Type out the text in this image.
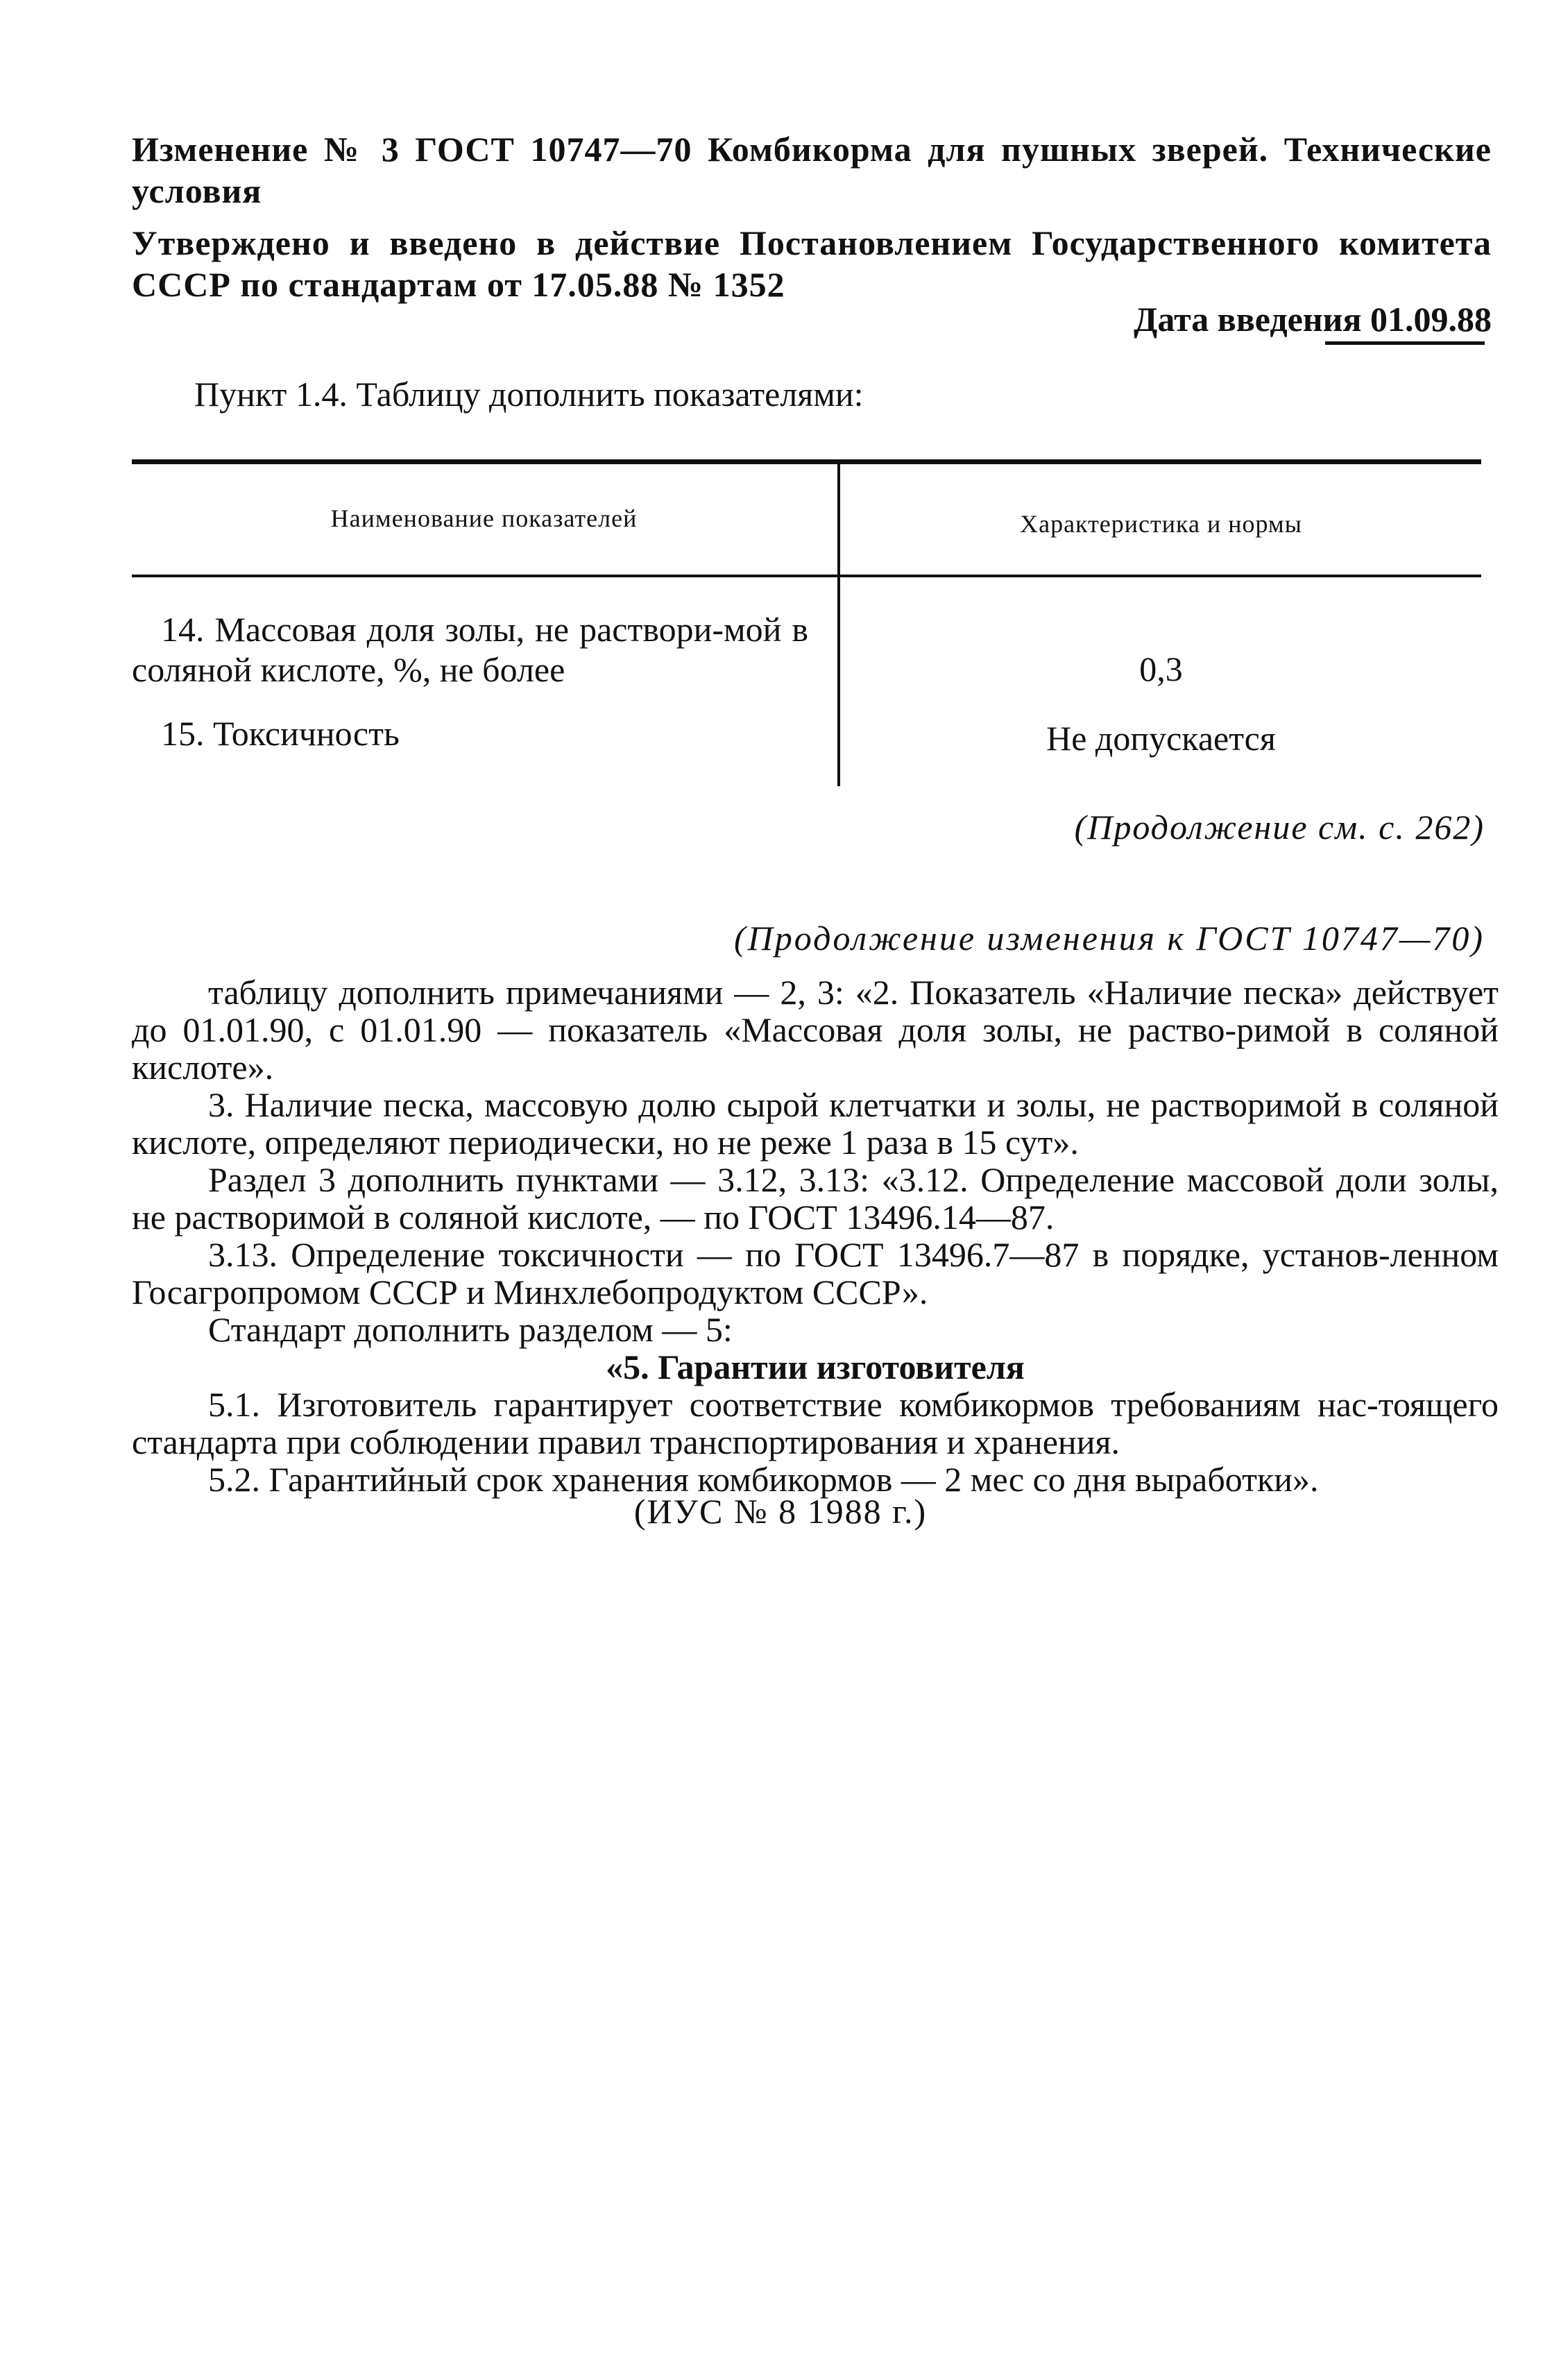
Изменение № 3 ГОСТ 10747—70 Комбикорма для пушных зверей. Технические условия
Утверждено и введено в действие Постановлением Государственного комитета СССР по стандартам от 17.05.88 № 1352
Дата введения 01.09.88
Пункт 1.4. Таблицу дополнить показателями:
Наименование показателей	Характеристика и нормы
14. Массовая доля золы, не раствори-мой в соляной кислоте, %, не более	0,3
15. Токсичность	Не допускается
(Продолжение см. с. 262)
(Продолжение изменения к ГОСТ 10747—70)

таблицу дополнить примечаниями — 2, 3: «2. Показатель «Наличие песка» действует до 01.01.90, с 01.01.90 — показатель «Массовая доля золы, не раство-римой в соляной кислоте».

3. Наличие песка, массовую долю сырой клетчатки и золы, не растворимой в соляной кислоте, определяют периодически, но не реже 1 раза в 15 сут».

Раздел 3 дополнить пунктами — 3.12, 3.13: «3.12. Определение массовой доли золы, не растворимой в соляной кислоте, — по ГОСТ 13496.14—87.

3.13. Определение токсичности — по ГОСТ 13496.7—87 в порядке, установ-ленном Госагропромом СССР и Минхлебопродуктом СССР».

Стандарт дополнить разделом — 5:

«5. Гарантии изготовителя

5.1. Изготовитель гарантирует соответствие комбикормов требованиям нас-тоящего стандарта при соблюдении правил транспортирования и хранения.

5.2. Гарантийный срок хранения комбикормов — 2 мес со дня выработки».

(ИУС № 8 1988 г.)
